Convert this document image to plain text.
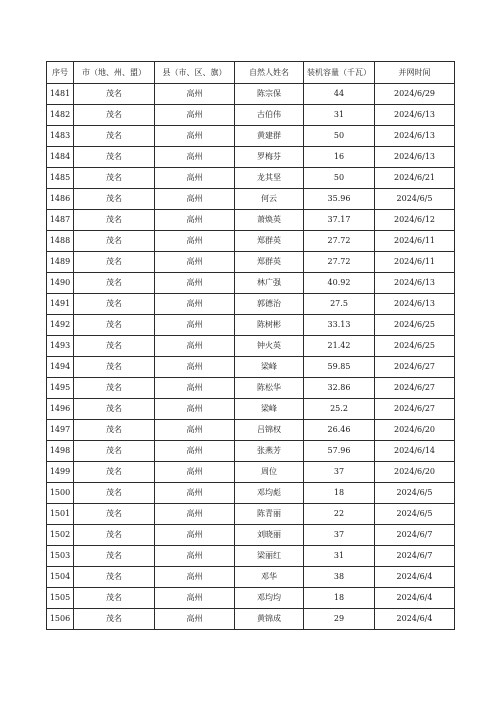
序号	市（地、州、盟）	县（市、区、旗）	自然人姓名	装机容量（千瓦）	并网时间
1481	茂名	高州	陈宗保	44	2024/6/29
1482	茂名	高州	古伯伟	31	2024/6/13
1483	茂名	高州	黄建群	50	2024/6/13
1484	茂名	高州	罗梅芬	16	2024/6/13
1485	茂名	高州	龙其坚	50	2024/6/21
1486	茂名	高州	何云	35.96	2024/6/5
1487	茂名	高州	萧焕英	37.17	2024/6/12
1488	茂名	高州	郑群英	27.72	2024/6/11
1489	茂名	高州	郑群英	27.72	2024/6/11
1490	茂名	高州	林广强	40.92	2024/6/13
1491	茂名	高州	郭德治	27.5	2024/6/13
1492	茂名	高州	陈树彬	33.13	2024/6/25
1493	茂名	高州	钟火英	21.42	2024/6/25
1494	茂名	高州	梁峰	59.85	2024/6/27
1495	茂名	高州	陈松华	32.86	2024/6/27
1496	茂名	高州	梁峰	25.2	2024/6/27
1497	茂名	高州	吕锦权	26.46	2024/6/20
1498	茂名	高州	张燕芳	57.96	2024/6/14
1499	茂名	高州	周位	37	2024/6/20
1500	茂名	高州	邓均彪	18	2024/6/5
1501	茂名	高州	陈青丽	22	2024/6/5
1502	茂名	高州	刘晓丽	37	2024/6/7
1503	茂名	高州	梁丽红	31	2024/6/7
1504	茂名	高州	邓华	38	2024/6/4
1505	茂名	高州	邓均均	18	2024/6/4
1506	茂名	高州	黄锦成	29	2024/6/4
